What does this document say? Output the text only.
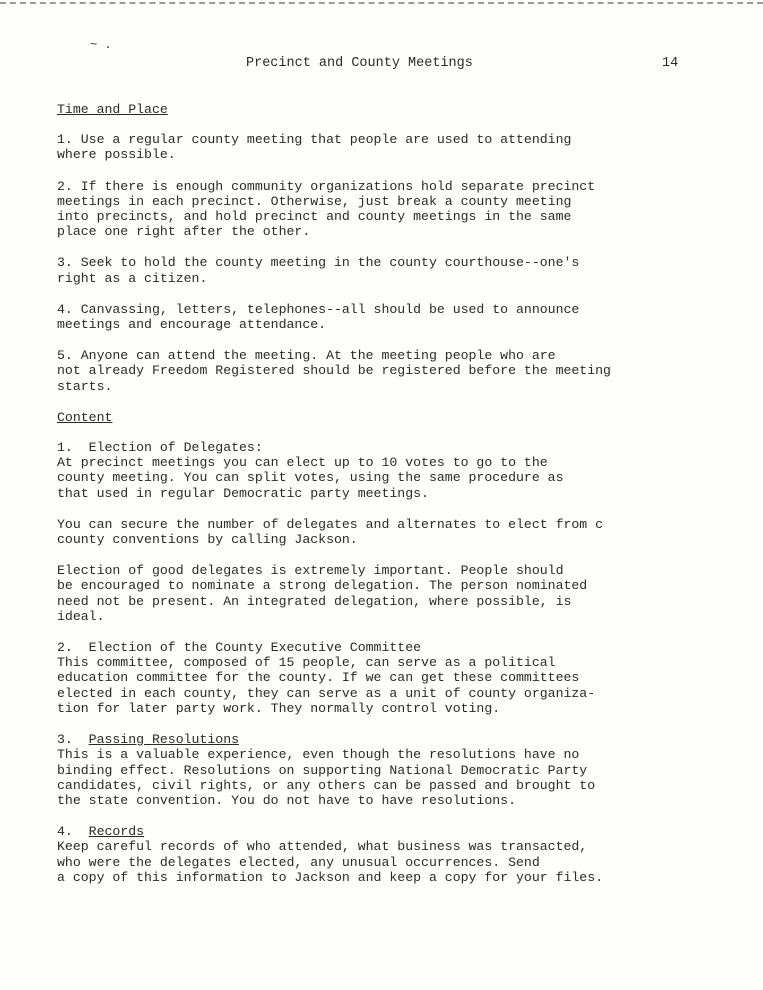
~ .
Precinct and County Meetings	14
Time and Place
1. Use a regular county meeting that people are used to attending
where possible.
2. If there is enough community organizations hold separate precinct
meetings in each precinct. Otherwise, just break a county meeting
into precincts, and hold precinct and county meetings in the same
place one right after the other.
3. Seek to hold the county meeting in the county courthouse--one's
right as a citizen.
4. Canvassing, letters, telephones--all should be used to announce
meetings and encourage attendance.
5. Anyone can attend the meeting. At the meeting people who are
not already Freedom Registered should be registered before the meeting
starts.
Content
1.  Election of Delegates:
At precinct meetings you can elect up to 10 votes to go to the
county meeting. You can split votes, using the same procedure as
that used in regular Democratic party meetings.
You can secure the number of delegates and alternates to elect from c
county conventions by calling Jackson.
Election of good delegates is extremely important. People should
be encouraged to nominate a strong delegation. The person nominated
need not be present. An integrated delegation, where possible, is
ideal.
2.  Election of the County Executive Committee
This committee, composed of 15 people, can serve as a political
education committee for the county. If we can get these committees
elected in each county, they can serve as a unit of county organiza-
tion for later party work. They normally control voting.
3.  Passing Resolutions
This is a valuable experience, even though the resolutions have no
binding effect. Resolutions on supporting National Democratic Party
candidates, civil rights, or any others can be passed and brought to
the state convention. You do not have to have resolutions.
4.  Records
Keep careful records of who attended, what business was transacted,
who were the delegates elected, any unusual occurrences. Send
a copy of this information to Jackson and keep a copy for your files.
